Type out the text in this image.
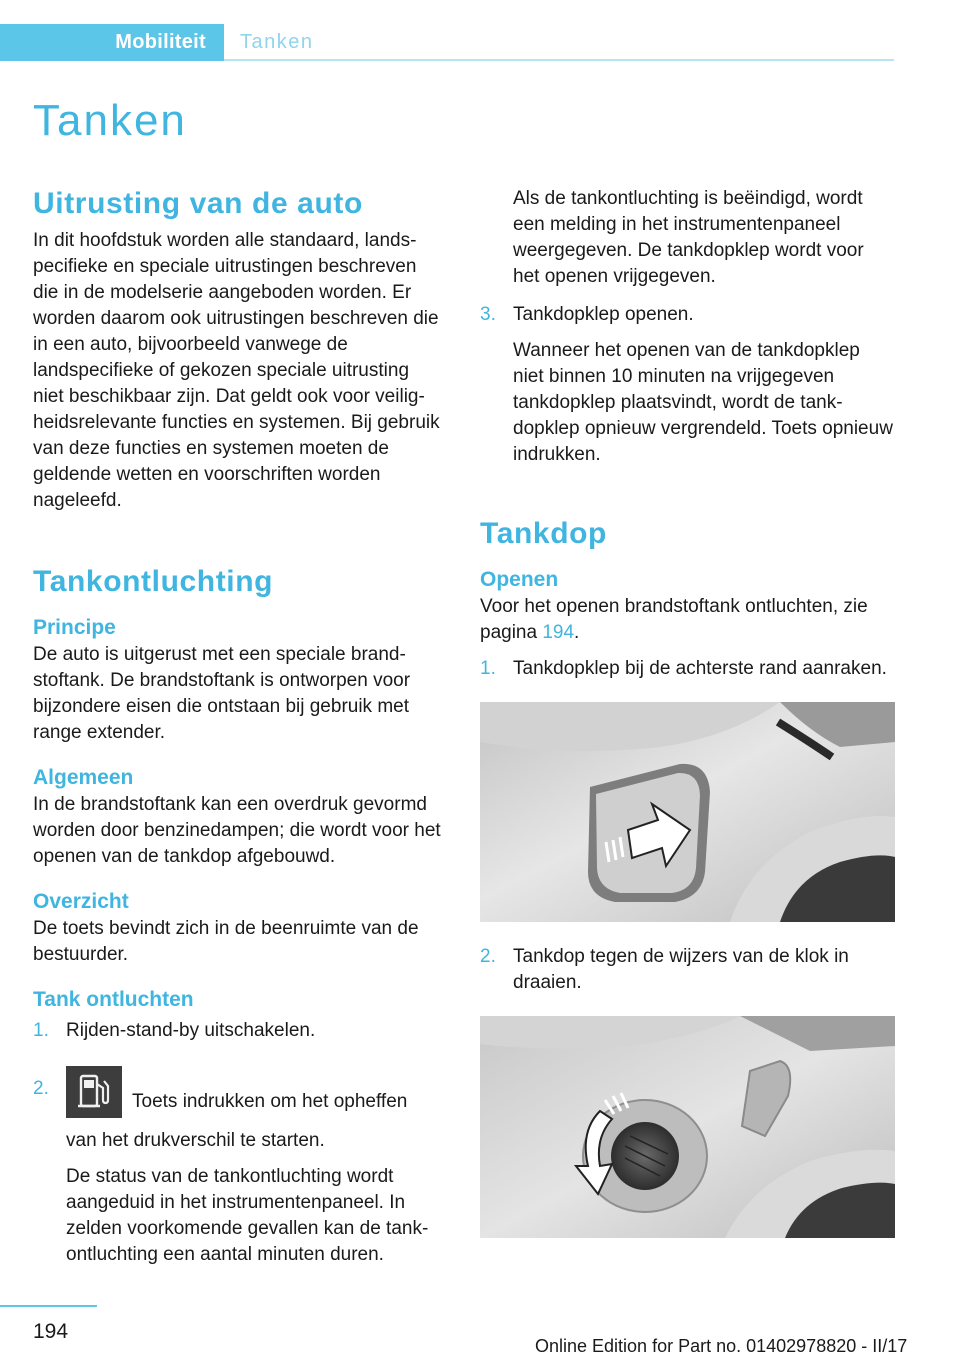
Mobiliteit Tanken
Tanken
Uitrusting van de auto

In dit hoofdstuk worden alle standaard, landspecifieke en speciale uitrustingen beschreven die in de modelserie aangeboden worden. Er worden daarom ook uitrustingen beschreven die in een auto, bijvoorbeeld vanwege de landspecifieke of gekozen speciale uitrusting niet beschikbaar zijn. Dat geldt ook voor veiligheidsrelevante functies en systemen. Bij gebruik van deze functies en systemen moeten de geldende wetten en voorschriften worden nageleefd.

Tankontluchting
Principe

De auto is uitgerust met een speciale brandstoftank. De brandstoftank is ontworpen voor bijzondere eisen die ontstaan bij gebruik met range extender.

Algemeen

In de brandstoftank kan een overdruk gevormd worden door benzinedampen; die wordt voor het openen van de tankdop afgebouwd.

Overzicht

De toets bevindt zich in de beenruimte van de bestuurder.

Tank ontluchten
1. Rijden-stand-by uitschakelen.

2.

Toets indrukken om het opheffen van het drukverschil te starten.

De status van de tankontluchting wordt aangeduid in het instrumentenpaneel. In zelden voorkomende gevallen kan de tankontluchting een aantal minuten duren.

Als de tankontluchting is beëindigd, wordt een melding in het instrumentenpaneel weergegeven. De tankdopklep wordt voor het openen vrijgegeven.

3. Tankdopklep openen.

Wanneer het openen van de tankdopklep niet binnen 10 minuten na vrijgegeven tankdopklep plaatsvindt, wordt de tankdopklep opnieuw vergrendeld. Toets opnieuw indrukken.

Tankdop
Openen

Voor het openen brandstoftank ontluchten, zie pagina 194.

1. Tankdopklep bij de achterste rand aanraken.

2. Tankdop tegen de wijzers van de klok in draaien.

194
Online Edition for Part no. 01402978820 - II/17
